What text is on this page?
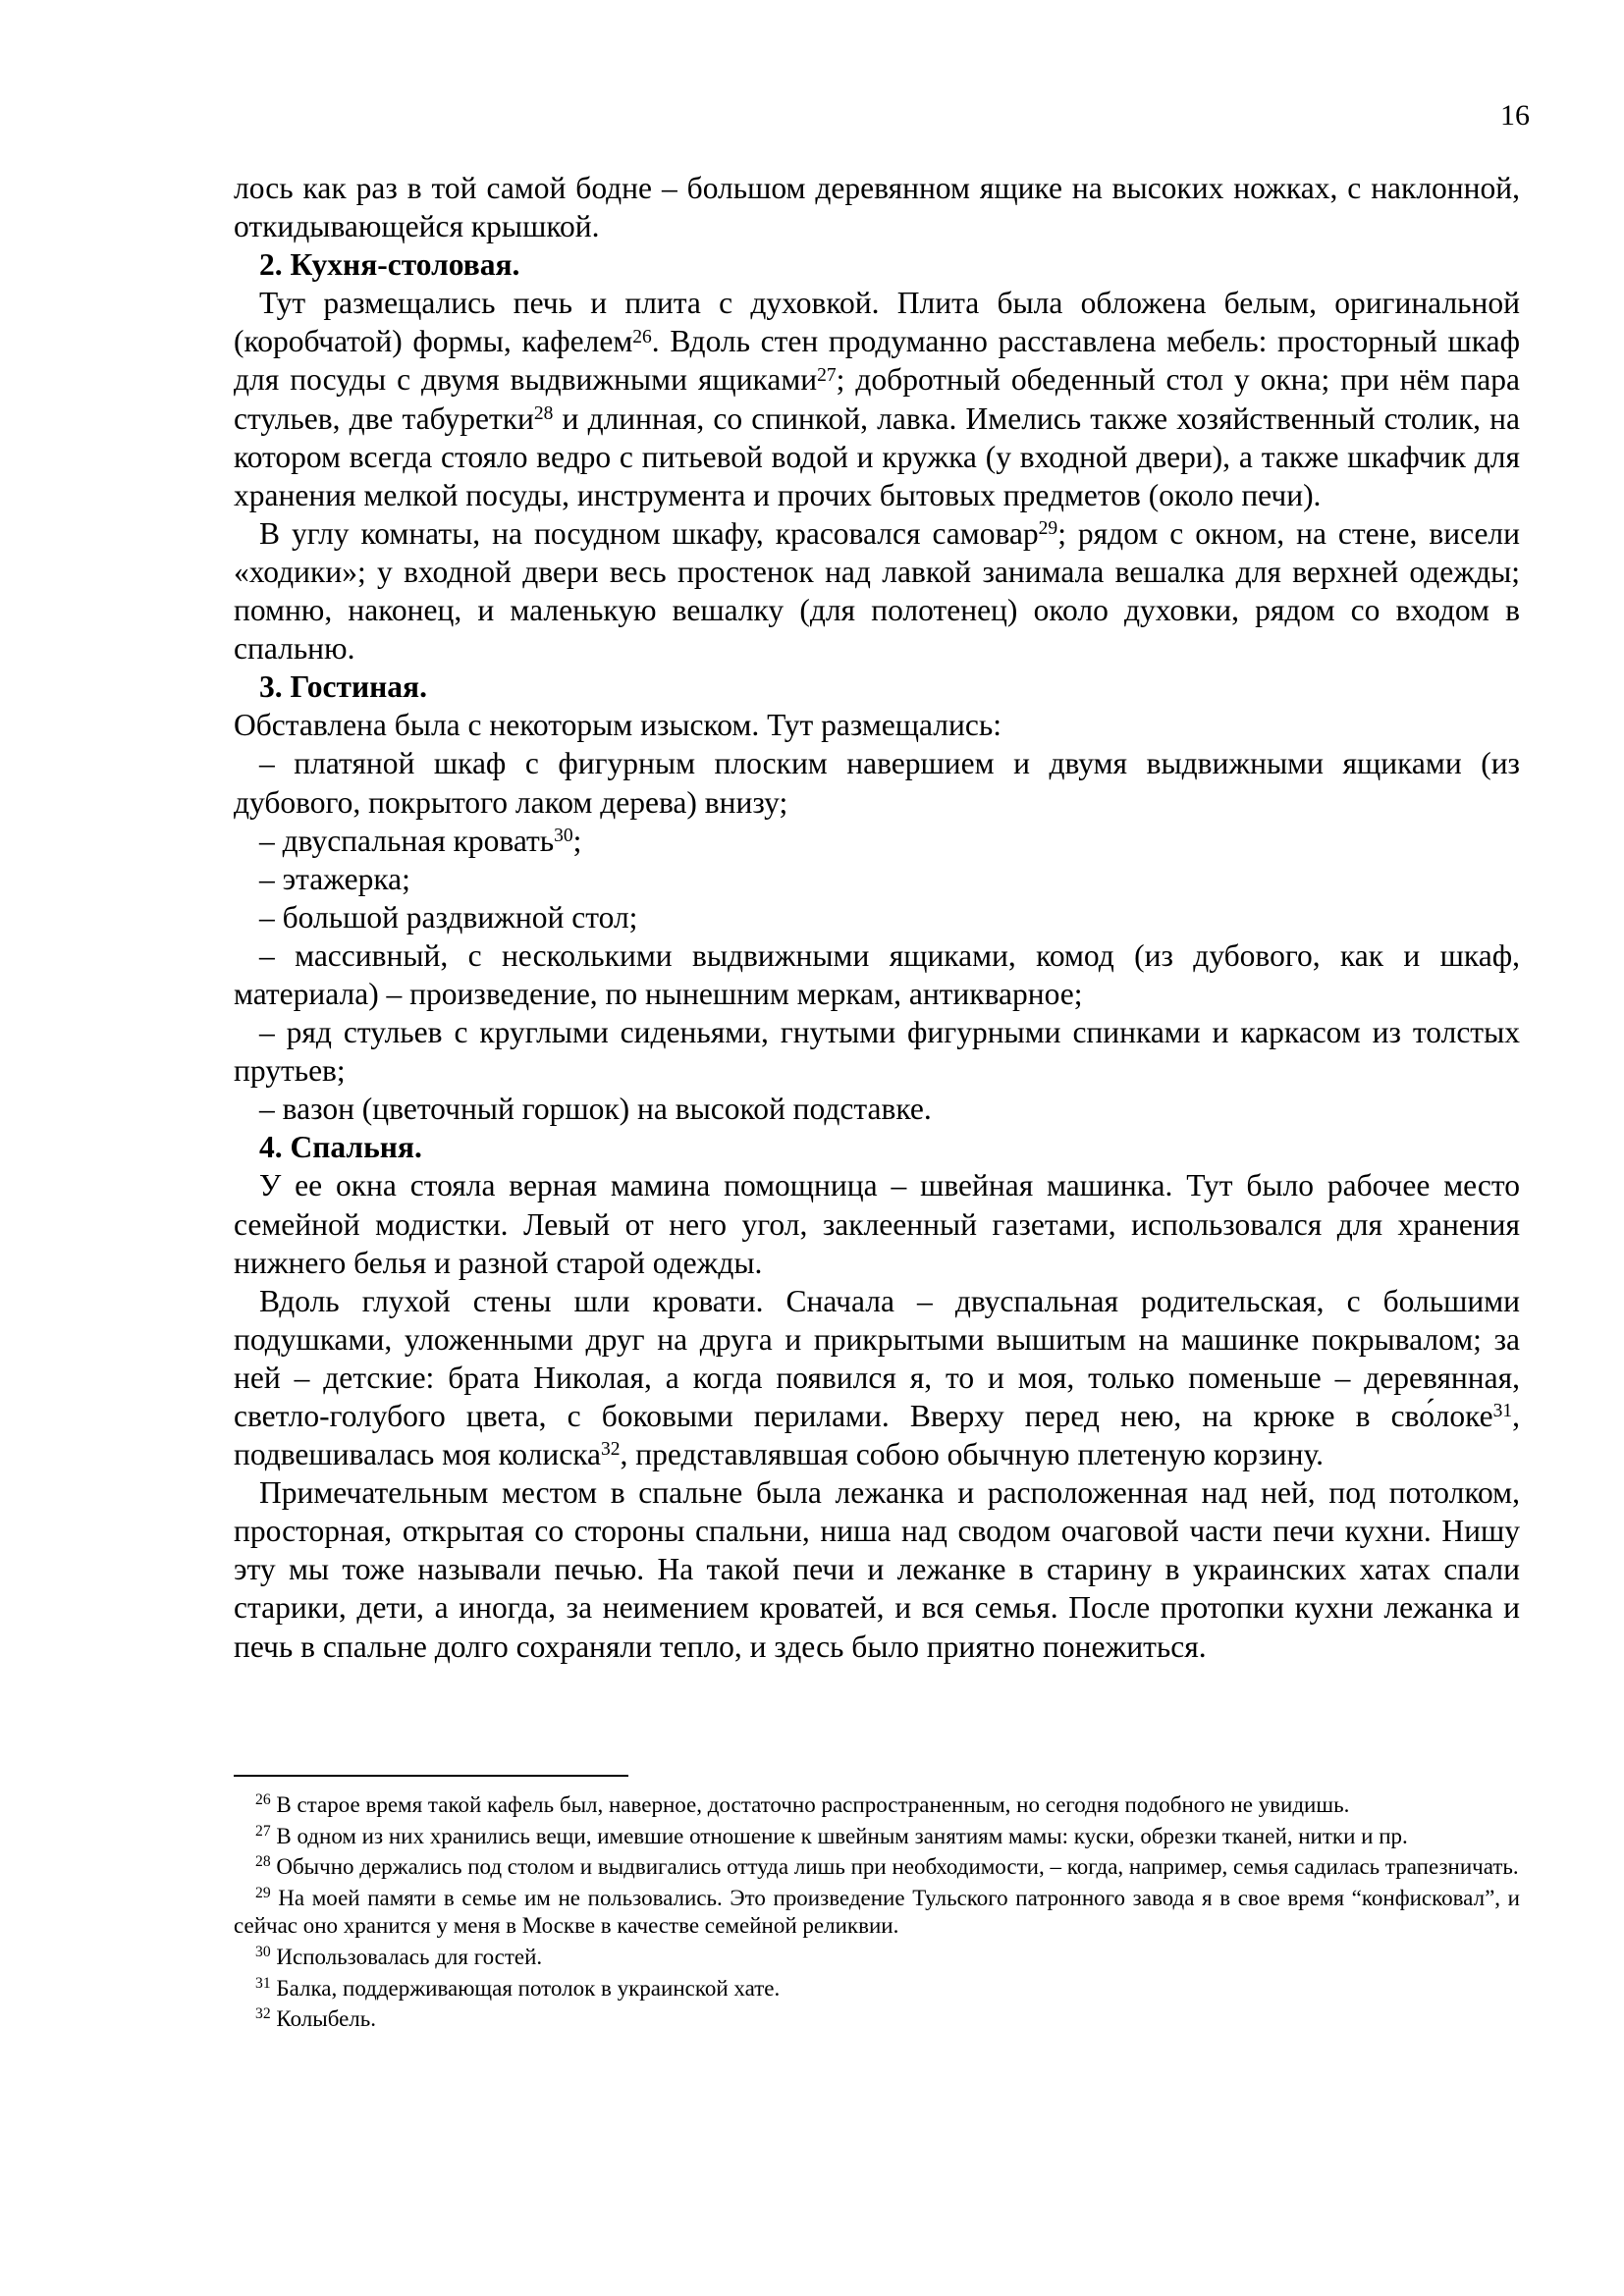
16

лось как раз в той самой бодне – большом деревянном ящике на высоких ножках, с наклонной, откидывающейся крышкой.

2. Кухня-столовая.

Тут размещались печь и плита с духовкой. Плита была обложена белым, оригинальной (коробчатой) формы, кафелем$^{26}$. Вдоль стен продуманно расставлена мебель: просторный шкаф для посуды с двумя выдвижными ящиками$^{27}$; добротный обеденный стол у окна; при нём пара стульев, две табуретки$^{28}$ и длинная, со спинкой, лавка. Имелись также хозяйственный столик, на котором всегда стояло ведро с питьевой водой и кружка (у входной двери), а также шкафчик для хранения мелкой посуды, инструмента и прочих бытовых предметов (около печи).

В углу комнаты, на посудном шкафу, красовался самовар$^{29}$; рядом с окном, на стене, висели «ходики»; у входной двери весь простенок над лавкой занимала вешалка для верхней одежды; помню, наконец, и маленькую вешалку (для полотенец) около духовки, рядом со входом в спальню.

3. Гостиная.

Обставлена была с некоторым изыском. Тут размещались:

– платяной шкаф с фигурным плоским навершием и двумя выдвижными ящиками (из дубового, покрытого лаком дерева) внизу;

– двуспальная кровать$^{30}$;

– этажерка;

– большой раздвижной стол;

– массивный, с несколькими выдвижными ящиками, комод (из дубового, как и шкаф, материала) – произведение, по нынешним меркам, антикварное;

– ряд стульев с круглыми сиденьями, гнутыми фигурными спинками и каркасом из толстых прутьев;

– вазон (цветочный горшок) на высокой подставке.

4. Спальня.

У ее окна стояла верная мамина помощница – швейная машинка. Тут было рабочее место семейной модистки. Левый от него угол, заклеенный газетами, использовался для хранения нижнего белья и разной старой одежды.

Вдоль глухой стены шли кровати. Сначала – двуспальная родительская, с большими подушками, уложенными друг на друга и прикрытыми вышитым на машинке покрывалом; за ней – детские: брата Николая, а когда появился я, то и моя, только поменьше – деревянная, светло-голубого цвета, с боковыми перилами. Вверху перед нею, на крюке в сво́локе$^{31}$, подвешивалась моя колиска$^{32}$, представлявшая собою обычную плетеную корзину.

Примечательным местом в спальне была лежанка и расположенная над ней, под потолком, просторная, открытая со стороны спальни, ниша над сводом очаговой части печи кухни. Нишу эту мы тоже называли печью. На такой печи и лежанке в старину в украинских хатах спали старики, дети, а иногда, за неимением кроватей, и вся семья. После протопки кухни лежанка и печь в спальне долго сохраняли тепло, и здесь было приятно понежиться.

$^{26}$ В старое время такой кафель был, наверное, достаточно распространенным, но сегодня подобного не увидишь.

$^{27}$ В одном из них хранились вещи, имевшие отношение к швейным занятиям мамы: куски, обрезки тканей, нитки и пр.

$^{28}$ Обычно держались под столом и выдвигались оттуда лишь при необходимости, – когда, например, семья садилась трапезничать.

$^{29}$ На моей памяти в семье им не пользовались. Это произведение Тульского патронного завода я в свое время “конфисковал”, и сейчас оно хранится у меня в Москве в качестве семейной реликвии.

$^{30}$ Использовалась для гостей.

$^{31}$ Балка, поддерживающая потолок в украинской хате.

$^{32}$ Колыбель.
